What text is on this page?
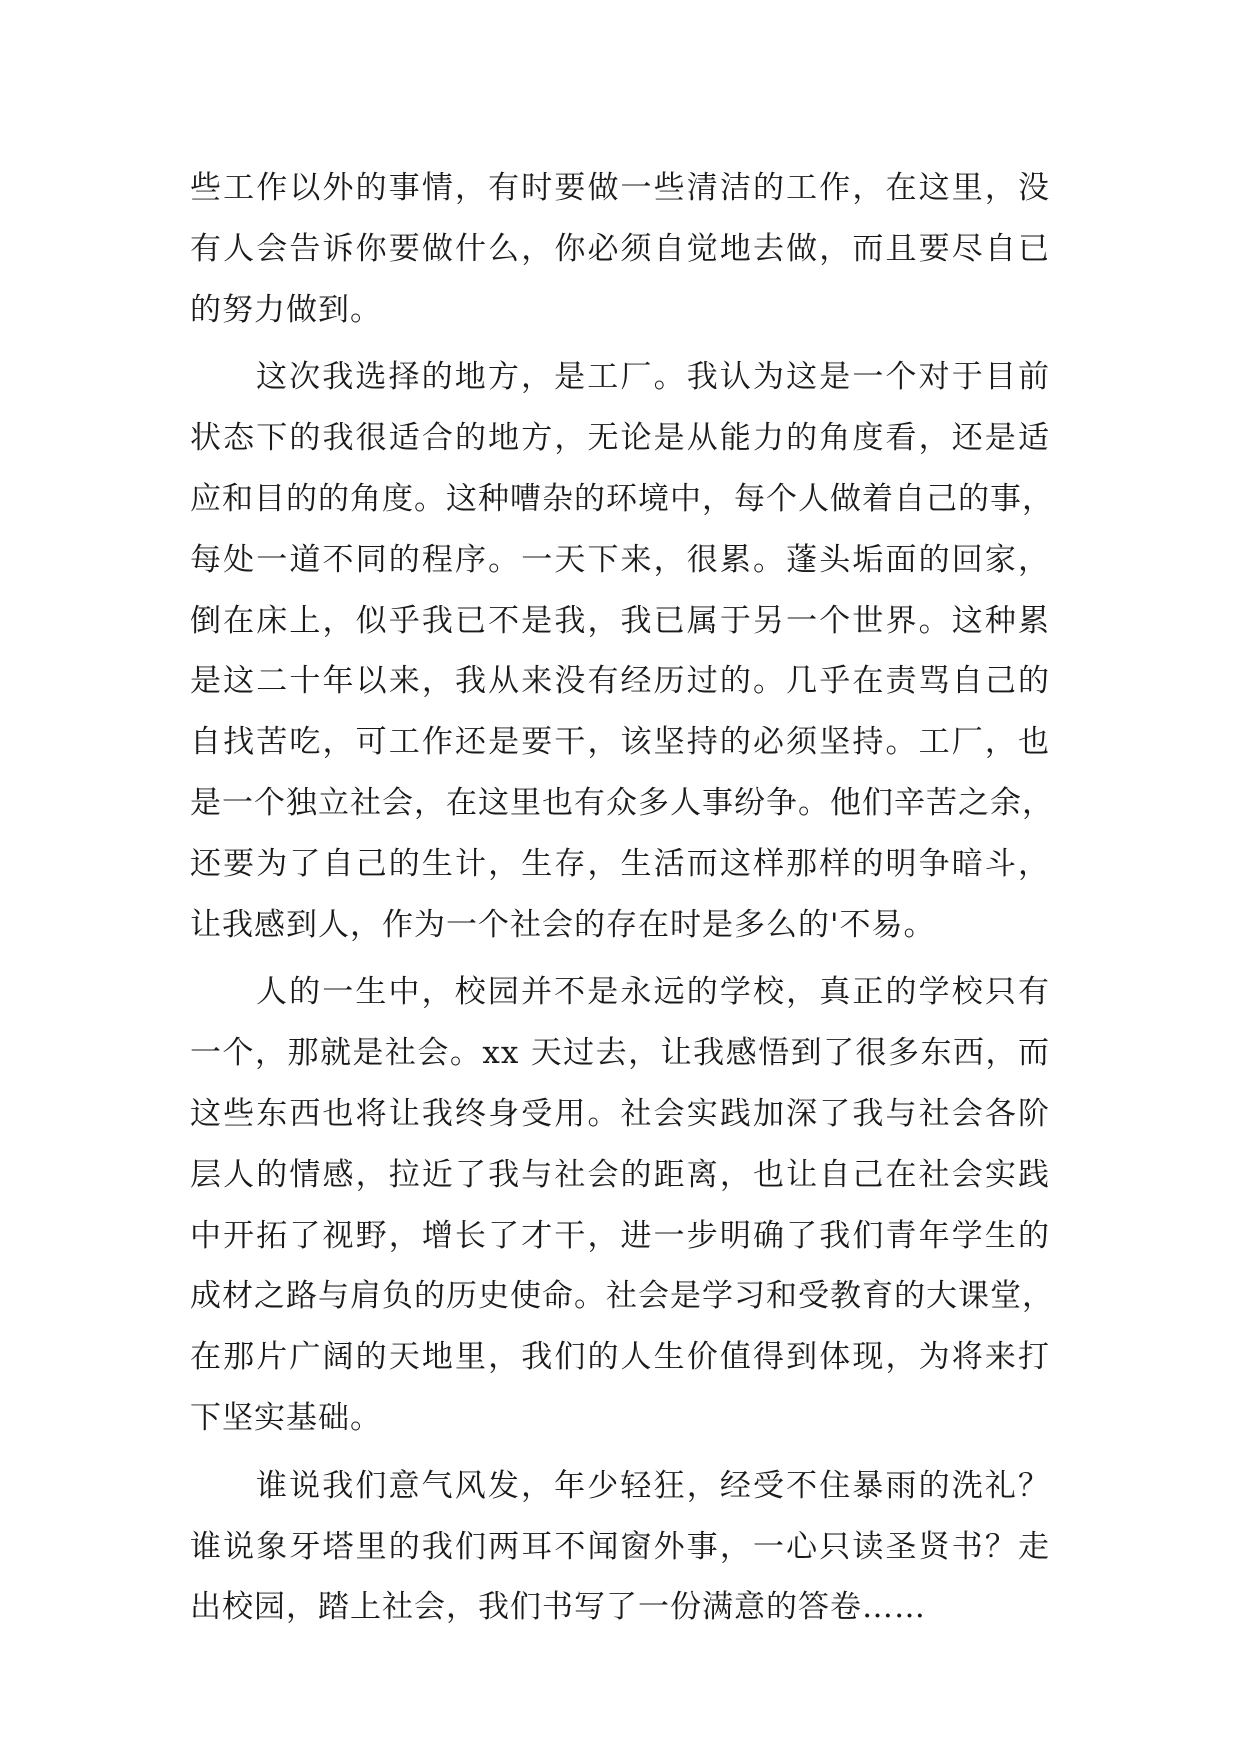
些工作以外的事情，有时要做一些清洁的工作，在这里，没
有人会告诉你要做什么，你必须自觉地去做，而且要尽自已
的努力做到。
这次我选择的地方，是工厂。我认为这是一个对于目前
状态下的我很适合的地方，无论是从能力的角度看，还是适
应和目的的角度。这种嘈杂的环境中，每个人做着自己的事，
每处一道不同的程序。一天下来，很累。蓬头垢面的回家，
倒在床上，似乎我已不是我，我已属于另一个世界。这种累
是这二十年以来，我从来没有经历过的。几乎在责骂自己的
自找苦吃，可工作还是要干，该坚持的必须坚持。工厂，也
是一个独立社会，在这里也有众多人事纷争。他们辛苦之余，
还要为了自己的生计，生存，生活而这样那样的明争暗斗，
让我感到人，作为一个社会的存在时是多么的'不易。
人的一生中，校园并不是永远的学校，真正的学校只有
一个，那就是社会。xx 天过去，让我感悟到了很多东西，而
这些东西也将让我终身受用。社会实践加深了我与社会各阶
层人的情感，拉近了我与社会的距离，也让自己在社会实践
中开拓了视野，增长了才干，进一步明确了我们青年学生的
成材之路与肩负的历史使命。社会是学习和受教育的大课堂，
在那片广阔的天地里，我们的人生价值得到体现，为将来打
下坚实基础。
谁说我们意气风发，年少轻狂，经受不住暴雨的洗礼？
谁说象牙塔里的我们两耳不闻窗外事，一心只读圣贤书？走
出校园，踏上社会，我们书写了一份满意的答卷……
